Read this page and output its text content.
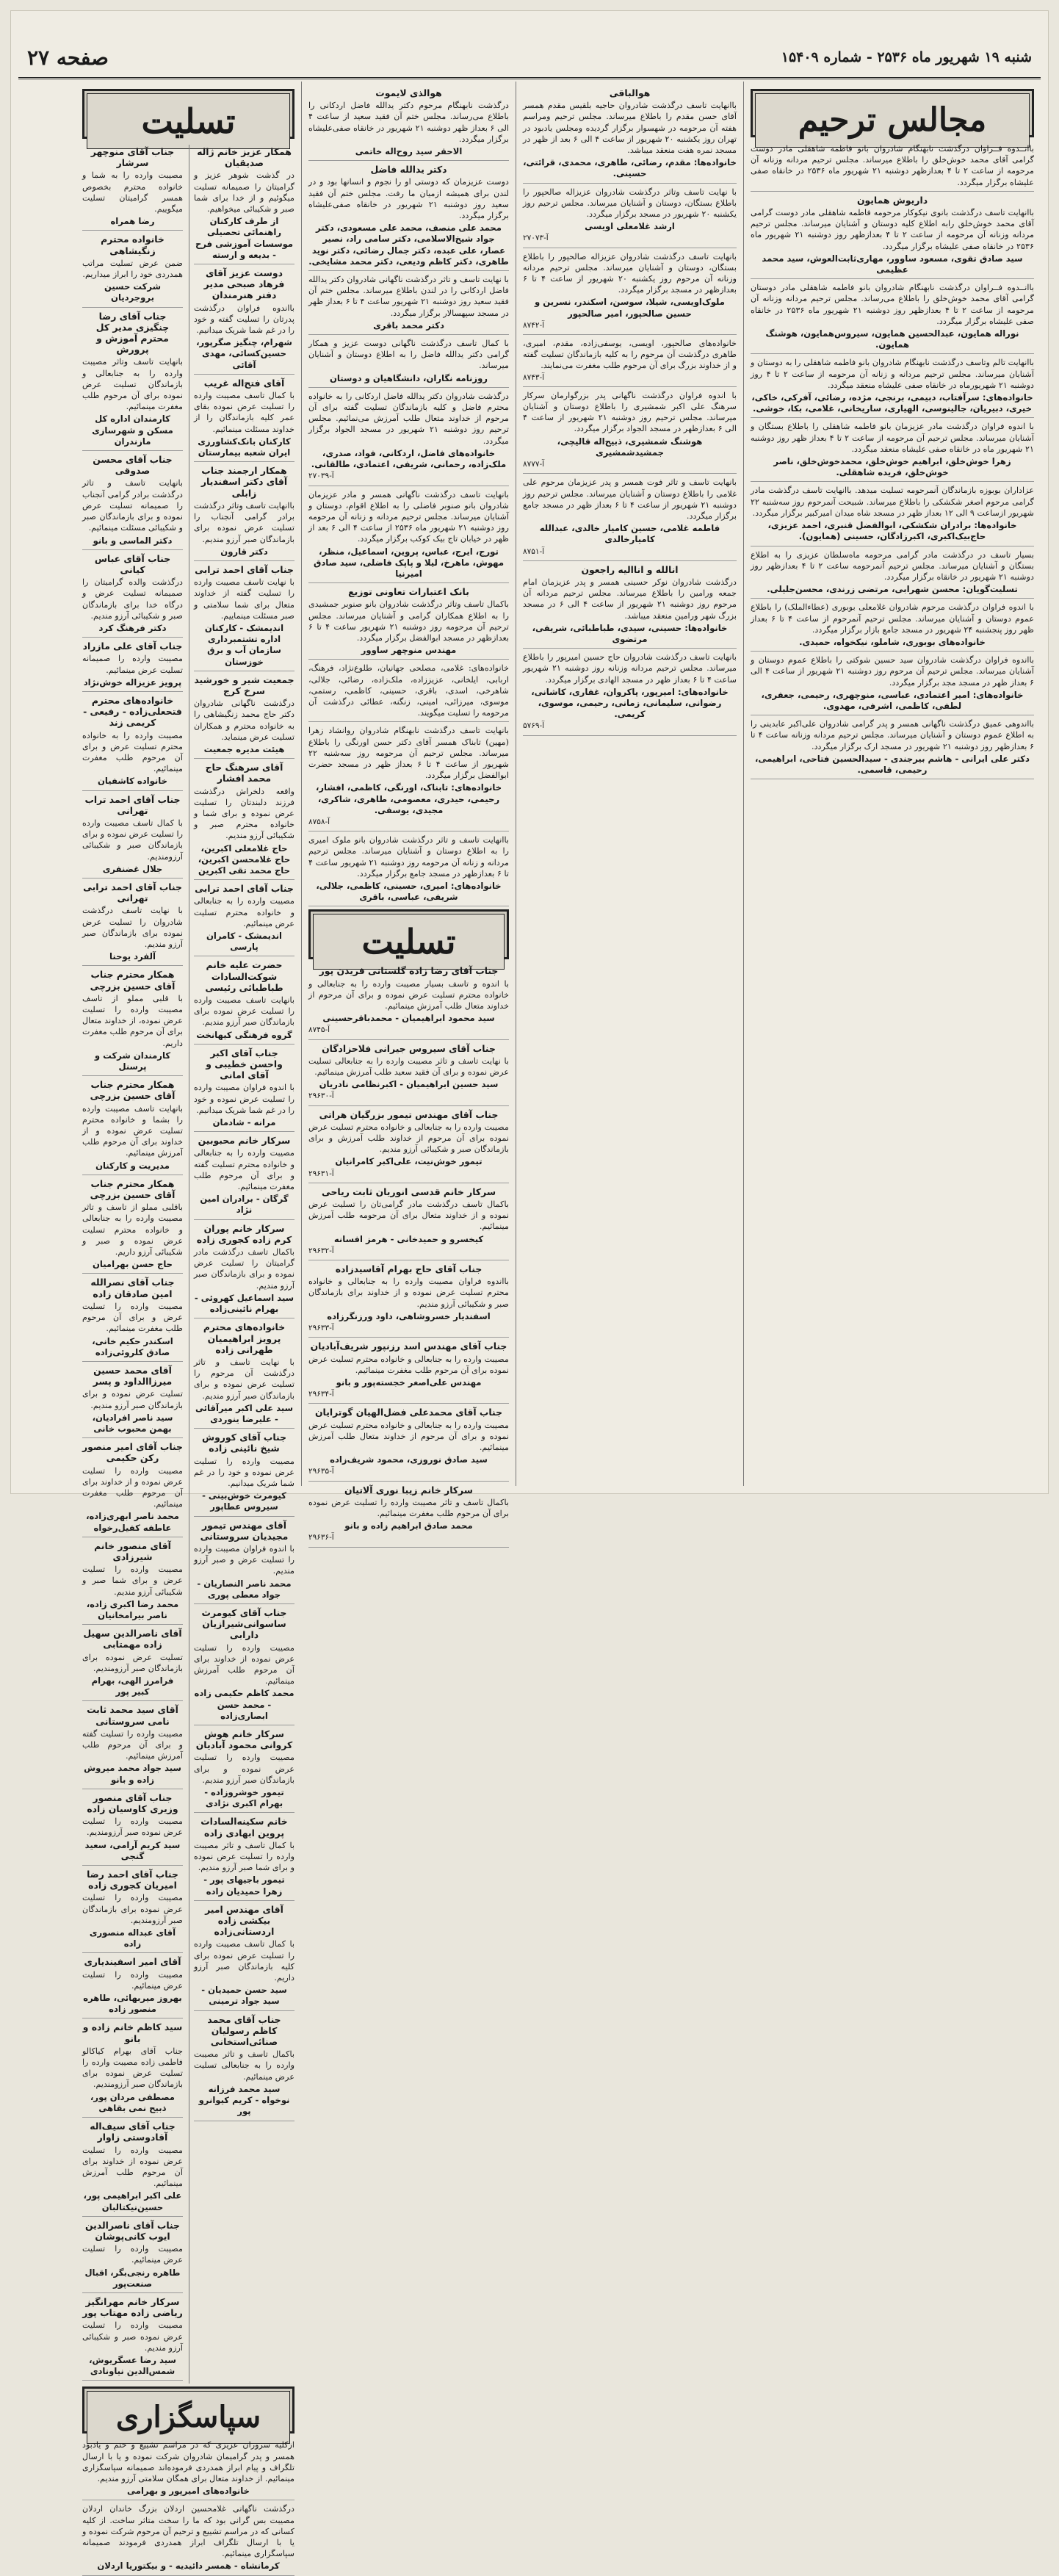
شنبه ۱۹ شهریور ماه ۲۵۳۶ - شماره ۱۵۴۰۹
صفحه ۲۷
مجالس ترحیم
باانــدوه فــراوان درگذشت نابهنگام شادروان بانو فاطمه شاهقلی مادر دوست گرامی آقای محمد خوش‌خلق را باطلاع میرساند. مجلس ترحیم مردانه وزنانه آن مرحومه از ساعت ۲ تا ۴ بعدازظهر دوشنبه ۲۱ شهریور ماه ۲۵۳۶ در خانقاه صفی علیشاه برگزار میگردد.
داریوش همایون
باانهایت تاسف درگذشت بانوی نیکوکار مرحومه فاطمه شاهقلی مادر دوست گرامی آقای محمد خوش‌خلق رابه اطلاع کلیه دوستان و آشنایان میرساند. مجلس ترحیم مردانه وزنانه آن مرحومه از ساعت ۲ تا ۴ بعدازظهر روز دوشنبه ۲۱ شهریور ماه ۲۵۳۶ در خانقاه صفی علیشاه برگزار میگردد.
سید صادق تقوی، مسعود ساوور، مهاری‌ثابت‌العوش، سید محمد عظیمی
باانــدوه فــراوان درگذشت نابهنگام شادروان بانو فاطمه شاهقلی مادر دوستان گرامی آقای محمد خوش‌خلق را باطلاع می‌رساند. مجلس ترحیم مردانه وزنانه آن مرحومه از ساعت ۲ تا ۴ بعدازظهر روز دوشنبه ۲۱ شهریور ماه ۲۵۳۶ در خانقاه صفی علیشاه برگزار میگردد.
نوراله همایون، عبدالحسین همایون، سیروس‌همایون، هوشنگ همایون.
باانهایت تالم وتاسف درگذشت نابهنگام شادروان بانو فاطمه شاهقلی را به دوستان و آشنایان میرساند. مجلس ترحیم مردانه و زنانه آن مرحومه از ساعت ۲ تا ۴ روز دوشنبه ۲۱ شهریورماه در خانقاه صفی علیشاه منعقد میگردد.
خانواده‌های: سرآفتاب، دبیمی، برنجی، مژده، رضائی، آفرکی، خاکی، خیری، دبیریان، جالینوسی، الهیاری، ساریخانی، غلامی، بکا، خوشی.
با اندوه فراوان درگذشت مادر عزیزمان بانو فاطمه شاهقلی را باطلاع بستگان و آشنایان میرساند. مجلس ترحیم آن مرحومه از ساعت ۲ تا ۴ بعداز ظهر روز دوشنبه ۲۱ شهریور ماه در خانقاه صفی علیشاه منعقد میگردد.
زهرا خوش‌خلق، ابراهیم خوش‌خلق، محمدخوش‌خلق، ناصر خوش‌خلق، فریده شاهقلی.
عزاداران بوبوزه بازماندگان آنمرحومه تسلیت میدهد. باانهایت تاسف درگذشت مادر گرامی مرحوم اصغر شکشکی را باطلاع میرساند. شبیحت آنمرحوم روز سه‌شنبه ۲۲ شهریور ازساعت ۹ الی ۱۲ بعداز ظهر در مسجد شاه میدان امیرکبیر برگزار میگردد.
خانواده‌ها: برادران شکشکی، ابوالفضل قنبری، احمد عزیزی، حاج‌بیک‌اکبری، اکبرزادگان، حسینی (همایون).
بسیار تاسف در درگذشت مادر گرامی مرحومه ماه‌سلطان عزیزی را به اطلاع بستگان و آشنایان میرساند. مجلس ترحیم آنمرحومه ساعت ۲ تا ۴ بعدازظهر روز دوشنبه ۲۱ شهریور در خانقاه برگزار میگردد.
تسلیت‌گویان: محسن شهرابی، مرتضی زرندی، محسن‌جلیلی.
با اندوه فراوان درگذشت مرحوم شادروان غلامعلی بوبوری (عطاءالملک) را باطلاع عموم دوستان و آشنایان میرساند. مجلس ترحیم آنمرحوم از ساعت ۴ تا ۶ بعداز ظهر روز پنجشنبه ۲۴ شهریور در مسجد جامع بازار برگزار میگردد.
خانواده‌های بوبوری، شاملو، نیکخواه، حمیدی.
بااندوه فراوان درگذشت شادروان سید حسین شوکتی را باطلاع عموم دوستان و آشنایان میرساند. مجلس ترحیم آن مرحوم روز دوشنبه ۲۱ شهریور از ساعت ۴ الی ۶ بعداز ظهر در مسجد مجد برگزار میگردد.
خانواده‌های: امیر اعتمادی، عباسی، منوچهری، رحیمی، جعفری، لطفی، کاظمی، اشرفی، مهدوی.
بااندوهی عمیق درگذشت ناگهانی همسر و پدر گرامی شادروان علی‌اکبر عابدینی را به اطلاع عموم دوستان و آشنایان میرساند. مجلس ترحیم مردانه وزنانه ساعت ۴ تا ۶ بعدازظهر روز دوشنبه ۲۱ شهریور در مسجد ارک برگزار میگردد.
دکتر علی ایرانی - هاشم بیرجندی - سیدالحسین فتاحی، ابراهیمی، رحیمی، قاسمی.
هوالباقی
باانهایت تاسف درگذشت شادروان حاجیه بلقیس مقدم همسر آقای حسن مقدم را باطلاع میرساند. مجلس ترحیم ومراسم هفته آن مرحومه در شهسوار برگزار گردیده ومجلس یادبود در تهران روز یکشنبه ۲۰ شهریور از ساعت ۴ الی ۶ بعد از ظهر در مسجد نمره هفت منعقد میباشد.
خانواده‌ها: مقدم، رضائی، طاهری، محمدی، قرائتی، حسینی.
با نهایت تاسف وتاثر درگذشت شادروان عزیزاله صالحپور را باطلاع بستگان، دوستان و آشنایان میرساند. مجلس ترحیم روز یکشنبه ۲۰ شهریور در مسجد برگزار میگردد.
ارشد غلامعلی اویسی
آ-۲۷۰۷۳
بانهایت تاسف درگذشت شادروان عزیزاله صالحپور را باطلاع بستگان، دوستان و آشنایان میرساند. مجلس ترحیم مردانه وزنانه آن مرحوم روز یکشنبه ۲۰ شهریور از ساعت ۴ تا ۶ بعدازظهر در مسجد برگزار میگردد.
ملوک‌اویسی، شیلا، سوسن، اسکندر، نسرین و حسین صالحپور، امیر صالحپور
آ-۸۷۴۲
خانواده‌های صالحپور، اویسی، یوسفی‌زاده، مقدم، امیری، طاهری درگذشت آن مرحوم را به کلیه بازماندگان تسلیت گفته و از خداوند بزرگ برای آن مرحوم طلب مغفرت می‌نمایند.
آ-۸۷۴۳
با اندوه فراوان درگذشت ناگهانی پدر بزرگوارمان سرکار سرهنگ علی اکبر شمشیری را باطلاع دوستان و آشنایان میرساند. مجلس ترحیم روز دوشنبه ۲۱ شهریور از ساعت ۴ الی ۶ بعدازظهر در مسجد الجواد برگزار میگردد.
هوشنگ شمشیری، ذبیح‌اله قالیچی، جمشیدشمشیری
آ-۸۷۷۷
بانهایت تاسف و تاثر فوت همسر و پدر عزیزمان مرحوم علی غلامی را باطلاع دوستان و آشنایان میرساند. مجلس ترحیم روز دوشنبه ۲۱ شهریور از ساعت ۴ تا ۶ بعداز ظهر در مسجد جامع برگزار میگردد.
فاطمه غلامی، حسین کامیار خالدی، عبدالله کامیارخالدی
آ-۸۷۵۱
انالله و اناالیه راجعون
درگذشت شادروان نوکر حسینی همسر و پدر عزیزمان امام جمعه ورامین را باطلاع میرساند. مجلس ترحیم مردانه آن مرحوم روز دوشنبه ۲۱ شهریور از ساعت ۴ الی ۶ در مسجد بزرگ شهر ورامین منعقد میباشد.
خانواده‌ها: حسینی، سیدی، طباطبائی، شریفی، مرتضوی
بانهایت تاسف درگذشت شادروان حاج حسین امیرپور را باطلاع میرساند. مجلس ترحیم مردانه وزنانه روز دوشنبه ۲۱ شهریور ساعت ۴ تا ۶ بعداز ظهر در مسجد الهادی برگزار میگردد.
خانواده‌های: امیرپور، پاکروان، غفاری، کاشانی، رضوانی، سلیمانی، زمانی، رحیمی، موسوی، کریمی.
آ-۵۷۶۹
هوالذی لایموت
درگذشت نابهنگام مرحوم دکتر یدالله فاضل اردکانی را باطلاع می‌رساند. مجلس ختم آن فقید سعید از ساعت ۴ الی ۶ بعداز ظهر دوشنبه ۲۱ شهریور در خانقاه صفی‌علیشاه برگزار میگردد.
الاحقر سید روح‌اله خاتمی
دکتر یدالله فاضل
دوست عزیزمان که دوستی او را نجوم و انسانها بود و در لندن برای همیشه ازمیان ما رفت. مجلس ختم آن فقید سعید روز دوشنبه ۲۱ شهریور در خانقاه صفی‌علیشاه برگزار میگردد.
محمد علی منصف، محمد علی مسعودی، دکتر جواد شیخ‌الاسلامی، دکتر سامی راد، نصیر عصار، علی عبده، دکتر جمال رضائی، دکتر نوید طاهری، دکتر کاظم ودیعی، دکتر محمد مشایخی.
با نهایت تاسف و تاثر درگذشت ناگهانی شادروان دکتر یدالله فاضل اردکانی را در لندن باطلاع میرساند. مجلس ختم آن فقید سعید روز دوشنبه ۲۱ شهریور ساعت ۴ تا ۶ بعداز ظهر در مسجد سپهسالار برگزار میگردد.
دکتر محمد باقری
با کمال تاسف درگذشت ناگهانی دوست عزیز و همکار گرامی دکتر یدالله فاضل را به اطلاع دوستان و آشنایان میرساند.
روزنامه نگاران، دانشگاهیان و دوستان
درگذشت شادروان دکتر یدالله فاضل اردکانی را به خانواده محترم فاضل و کلیه بازماندگان تسلیت گفته برای آن مرحوم از خداوند متعال طلب آمرزش می‌نمائیم. مجلس ترحیم روز دوشنبه ۲۱ شهریور در مسجد الجواد برگزار میگردد.
خانواده‌های فاضل، اردکانی، فواد، صدری، ملک‌زاده، رحمانی، شریفی، اعتمادی، طالقانی.
آ-۲۷۰۳۹
بانهایت تاسف درگذشت ناگهانی همسر و مادر عزیزمان شادروان بانو صنوبر فاضلی را به اطلاع اقوام، دوستان و آشنایان میرساند. مجلس ترحیم مردانه و زنانه آن مرحومه روز دوشنبه ۲۱ شهریور ماه ۲۵۳۶ از ساعت ۴ الی ۶ بعد از ظهر در خیابان تاج بیک کوکب برگزار میگردد.
تورج، ایرج، عباس، پروین، اسماعیل، منظر، مهوش، ماهرخ، لیلا و پاپک فاضلی، سید صادق امیرنیا
بانک اعتبارات تعاونی توزیع
باکمال تاسف وتاثر درگذشت شادروان بانو صنوبر جمشیدی را به اطلاع همکاران گرامی و آشنایان میرساند. مجلس ترحیم آن مرحومه روز دوشنبه ۲۱ شهریور ساعت ۴ تا ۶ بعدازظهر در مسجد ابوالفضل برگزار میگردد.
مهندس منوچهر ساوور
خانواده‌های: غلامی، مصلحی جهانیان، طلوع‌نژاد، فرهنگ، اربابی، ایلخانی، عزیززاده، ملک‌زاده، رضائی، جلالی، شاهرخی، اسدی، باقری، حسینی، کاظمی، رستمی، موسوی، میرزائی، امینی، زنگنه، عطائی درگذشت آن مرحومه را تسلیت میگویند.
بانهایت تاسف درگذشت نابهنگام شادروان روانشاد زهرا (مهین) تابناک همسر آقای دکتر حسن اورنگی را باطلاع میرساند. مجلس ترحیم آن مرحومه روز سه‌شنبه ۲۲ شهریور از ساعت ۴ تا ۶ بعداز ظهر در مسجد حضرت ابوالفضل برگزار میگردد.
خانواده‌های: تابناک، اورنگی، کاظمی، افشار، رحیمی، حیدری، معصومی، طاهری، شاکری، مجیدی، یوسفی.
آ-۸۷۵۸
باانهایت تاسف و تاثر درگذشت شادروان بانو ملوک امیری را به اطلاع دوستان و آشنایان میرساند. مجلس ترحیم مردانه و زنانه آن مرحومه روز دوشنبه ۲۱ شهریور ساعت ۴ تا ۶ بعدازظهر در مسجد جامع برگزار میگردد.
خانواده‌های: امیری، حسینی، کاظمی، جلالی، شریفی، عباسی، باقری
تسلیت
جناب آقای رضا زاده گلستانی فریدن پور
با اندوه و تاسف بسیار مصیبت وارده را به جنابعالی و خانواده محترم تسلیت عرض نموده و برای آن مرحوم از خداوند متعال طلب آمرزش مینمائیم.
سید محمود ابراهیمیان - محمدباقرحسینی
آ-۸۷۴۵
جناب آقای سیروس جیرانی فلاحزادگان
با نهایت تاسف و تاثر مصیبت وارده را به جنابعالی تسلیت عرض نموده و برای آن فقید سعید طلب آمرزش مینمائیم.
سید حسین ابراهیمیان - اکبرنظامی نادریان
آ-۲۹۶۳۰
جناب آقای مهندس تیمور بزرگیان هراتی
مصیبت وارده را به جنابعالی و خانواده محترم تسلیت عرض نموده برای آن مرحوم از خداوند طلب آمرزش و برای بازماندگان صبر و شکیبائی آرزو مندیم.
تیمور خوش‌نیت، علی‌اکبر کامرانیان
آ-۲۹۶۳۱
سرکار خانم قدسی انوریان ثابت ریاحی
باکمال تاسف درگذشت مادر گرامی‌تان را تسلیت عرض نموده و از خداوند متعال برای آن مرحومه طلب آمرزش مینمائیم.
کیخسرو و حمیدخانی - هرمز افسانه
آ-۲۹۶۳۲
جناب آقای حاج بهرام آقاسیدزاده
بااندوه فراوان مصیبت وارده را به جنابعالی و خانواده محترم تسلیت عرض نموده و از خداوند برای بازماندگان صبر و شکیبائی آرزو مندیم.
اسفندیار خسروشاهی، داود ورزنگرزاده
آ-۲۹۶۳۳
جناب آقای مهندس اسد رزنپور شریف‌آبادیان
مصیبت وارده را به جنابعالی و خانواده محترم تسلیت عرض نموده برای آن مرحوم طلب مغفرت مینمائیم.
مهندس علی‌اصغر خجسته‌پور و بانو
آ-۲۹۶۳۴
جناب آقای محمدعلی فضل‌الهیان گوترایان
مصیبت وارده را به جنابعالی و خانواده محترم تسلیت عرض نموده و برای آن مرحوم از خداوند متعال طلب آمرزش مینمائیم.
سید صادق نوروزی، محمود شریف‌زاده
آ-۲۹۶۳۵
سرکار خانم زیبا نوری آلاتیان
باکمال تاسف و تاثر مصیبت وارده را تسلیت عرض نموده برای آن مرحوم طلب مغفرت مینمائیم.
محمد صادق ابراهیم زاده و بانو
آ-۲۹۶۳۶
تسلیت
همکار عزیز خانم ژاله صدیقیان
در گذشت شوهر عزیز و گرامیتان را صمیمانه تسلیت میگوئیم و از خدا برای شما صبر و شکیبائی میخواهیم.
از طرف کارکنان راهنمائی تحصیلی موسسات آموزشی فرح - بدیعه و ارسته
دوست عزیز آقای فرهاد صبحی مدیر دفتر هنرمندان
بااندوه فراوان درگذشت پدرتان را تسلیت گفته و خود را در غم شما شریک میدانیم.
شهرام، چنگیز صگرپور، حسین‌کسائی، مهدی آقائی
آقای فتح‌اله غریب
با کمال تاسف مصیبت وارده را تسلیت عرض نموده بقای عمر کلیه بازماندگان را از خداوند مسئلت مینمائیم.
کارکنان بانک‌کشاورزی ایران شعبه بیمارستان
همکار ارجمند جناب آقای دکتر اسفندیار زابلی
باانهایت تاسف وتاثر درگذشت برادر گرامی آنجناب را تسلیت عرض نموده برای بازماندگان صبر آرزو مندیم.
دکتر قارون
جناب آقای احمد ترابی
با نهایت تاسف مصیبت وارده را تسلیت گفته از خداوند متعال برای شما سلامتی و صبر مسئلت مینماییم.
اندیمشک - کارکنان اداره تشتمبرداری سازمان آب و برق خوزستان
جمعیت شیر و خورشید سرخ کرج
درگذشت ناگهانی شادروان دکتر حاج محمد زنگیشاهی را به خانواده محترم و همکاران تسلیت عرض مینماید.
هیئت مدیره جمعیت
آقای سرهنگ حاج محمد افشار
واقعه دلخراش درگذشت فرزند دلبندتان را تسلیت عرض نموده و برای شما و خانواده محترم صبر و شکیبائی آرزو مندیم.
حاج غلامعلی اکبرین، حاج غلامحسن اکبرین، حاج محمد تقی اکبرین
جناب آقای احمد ترابی
مصیبت وارده را به جنابعالی و خانواده محترم تسلیت عرض مینمائیم.
اندیمشک - کامران پارسی
حضرت علیه خانم شوکت‌السادات طباطبائی رئیسی
بانهایت تاسف مصیبت وارده را تسلیت عرض نموده برای بازماندگان صبر آرزو مندیم.
گروه فرهنگی کیهانخت
جناب آقای اکبر واحسن خطیبی و آقای امانی
با اندوه فراوان مصیبت وارده را تسلیت عرض نموده و خود را در غم شما شریک میدانیم.
مرانه - شادمان
سرکار خانم محبوبین
مصیبت وارده را به جنابعالی و خانواده محترم تسلیت گفته و برای آن مرحوم طلب مغفرت مینمائیم.
گرگان - برادران امین نژاد
سرکار خانم پوران کرم زاده کجوری زاده
باکمال تاسف درگذشت مادر گرامیتان را تسلیت عرض نموده و برای بازماندگان صبر آرزو مندیم.
سید اسماعیل کهروئی - بهرام نائینی‌زاده
خانواده‌های محترم پرویز ابراهیمیان طهرانی زاده
با نهایت تاسف و تاثر درگذشت آن مرحوم را تسلیت عرض نموده و برای بازماندگان صبر آرزو مندیم.
سید علی اکبر میرآقائی - علیرضا ینوردی
جناب آقای کوروش شیخ نائینی زاده
مصیبت وارده را تسلیت عرض نموده و خود را در غم شما شریک میدانیم.
کیومرث خوش‌بینی - سیروس عطاپور
آقای مهندس تیمور مجیدیان سروستانی
با اندوه فراوان مصیبت وارده را تسلیت عرض و صبر آرزو مندیم.
محمد ناصر النصاریان - جواد معطی پوری
جناب آقای کیومرث ساسوانی‌شیرازیان دارابی
مصیبت وارده را تسلیت عرض نموده از خداوند برای آن مرحوم طلب آمرزش مینمائیم.
محمد کاظم حکیمی زاده - محمد حسن ابصاری‌زاده
سرکار خانم هوش کروانی محمود آبادیان
مصیبت وارده را تسلیت عرض نموده و برای بازماندگان صبر آرزو مندیم.
تیمور خوشروزاده - بهرام اکبری نژادی
خانم سکینه‌السادات پروین ابهادی زاده
با کمال تاسف و تاثر مصیبت وارده را تسلیت عرض نموده و برای شما صبر آرزو مندیم.
تیمور باجیهای پور - زهرا حمیدیان زاده
آقای مهندس امیر بیکشی زاده اردستانی‌زاده
با کمال تاسف مصیبت وارده را تسلیت عرض نموده برای کلیه بازماندگان صبر آرزو داریم.
سید حسن حمیدیان - سید جواد ترمینی
جناب آقای محمد کاظم رسولیان صنائی‌استخانی
باکمال تاسف و تاثر مصیبت وارده را به جنابعالی تسلیت عرض مینمائیم.
سید محمد فرزانه نوخواه - کریم کیوانرو پور
جناب آقای منوچهر سرشار
مصیبت وارده را به شما و خانواده محترم بخصوص همسر گرامیتان تسلیت میگوییم.
رضا همراه
خانواده محترم زنگیشاهی
ضمن عرض تسلیت مراتب همدردی خود را ابراز میداریم.
شرکت حسین بروجردیان
جناب آقای رضا چنگیزی مدیر کل محترم آموزش و پرورش
بانهایت تاسف وتاثر مصیبت وارده را به جنابعالی و بازماندگان تسلیت عرض نموده برای آن مرحوم طلب مغفرت مینمائیم.
کارمندان اداره کل مسکن و شهرسازی مازندران
جناب آقای محسن صدوقی
بانهایت تاسف و تاثر درگذشت برادر گرامی آنجناب را صمیمانه تسلیت عرض نموده و برای بازماندگان صبر و شکیبائی مسئلت مینمائیم.
دکتر الماسی و بانو
جناب آقای عباس کیانی
درگذشت والده گرامیتان را صمیمانه تسلیت عرض و درگاه خدا برای بازماندگان صبر و شکیبائی آرزو مندیم.
دکتر فرهنگ کرد
جناب آقای علی مازراد
مصیبت وارده را صمیمانه تسلیت عرض مینمائیم.
پرویز عزیزاله خوش‌نژاد
خانواده‌های محترم فتحعلی‌زاده - رفیعی - کریمی زند
مصیبت وارده را به خانواده محترم تسلیت عرض و برای آن مرحوم طلب مغفرت مینمائیم.
خانواده کاشفیان
جناب آقای احمد تراب تهرانی
با کمال تاسف مصیبت وارده را تسلیت عرض نموده و برای بازماندگان صبر و شکیبائی آرزومندیم.
جلال غضنفری
جناب آقای احمد ترابی تهرانی
با نهایت تاسف درگذشت شادروان را تسلیت عرض نموده برای بازماندگان صبر آرزو مندیم.
آلفرد یوحنا
همکار محترم جناب آقای حسین بزرچی
با قلبی مملو از تاسف مصیبت وارده را تسلیت عرض نموده، از خداوند متعال برای آن مرحوم طلب مغفرت داریم.
کارمندان شرکت و پرسنل
همکار محترم جناب آقای حسین بزرچی
بانهایت تاسف مصیبت وارده را بشما و خانواده محترم تسلیت عرض نموده و از خداوند برای آن مرحوم طلب آمرزش مینمائیم.
مدیریت و کارکنان
همکار محترم جناب آقای حسین بزرچی
باقلبی مملو از تاسف و تاثر مصیبت وارده را به جنابعالی و خانواده محترم تسلیت عرض نموده و صبر و شکیبائی آرزو داریم.
حاج حسن بهرامیان
جناب آقای نصرالله امین صادقان زاده
مصیبت وارده را تسلیت عرض و برای آن مرحوم طلب مغفرت مینمائیم.
اسکندر حکیم خانی، صادق کلروئی‌زاده
آقای محمد حسین میرزاالداود و پسر
تسلیت عرض نموده و برای بازماندگان صبر آرزو مندیم.
سید ناصر افرادیان، بهمن محبوب خانی
جناب آقای امیر منصور رکن حکیمی
مصیبت وارده را تسلیت عرض نموده و از خداوند برای آن مرحوم طلب مغفرت مینمائیم.
محمد ناصر ابهری‌زاده، عاطفه کفیل‌رخواه
آقای منصور خانم شیرزادی
مصیبت وارده را تسلیت عرض و برای شما صبر و شکیبائی آرزو مندیم.
محمد رضا اکبری زاده، ناصر بیرامخانیان
آقای ناصرالدین سهیل زاده مهمتابی
تسلیت عرض نموده برای بازماندگان صبر آرزومندیم.
فرامرز الهی، بهرام کبیر پور
آقای سید محمد ثابت نامی سروستانی
مصیبت وارده را تسلیت گفته و برای آن مرحوم طلب آمرزش مینمائیم.
سید جواد محمد میروش زاده و بانو
جناب آقای منصور وزیری کاوسیان زاده
مصیبت وارده را تسلیت عرض نموده صبر آرزومندیم.
سید کریم آرامی، سعید گنجی
جناب آقای احمد رضا امیریان کجوری زاده
مصیبت وارده را تسلیت عرض نموده برای بازماندگان صبر آرزومندیم.
آقای عبداله منصوری زاده
آقای امیر اسفیندیاری
مصیبت وارده را تسلیت عرض مینمائیم.
بهروز میربهائی، طاهره منصور زاده
سید کاظم خانم زاده و بانو
جناب آقای بهرام کیا‌کالو فاطمی زاده مصیبت وارده را تسلیت عرض نموده برای بازماندگان صبر آرزومندیم.
مصطفی مردان پور، ذبیح نمی بقاهی
جناب آقای سیف‌اله آقادوستی زاوار
مصیبت وارده را تسلیت عرض نموده از خداوند برای آن مرحوم طلب آمرزش مینمائیم.
علی اکبر ابراهیمی پور، حسین‌نیکتالبان
جناب آقای ناصرالدین ایوب کانی‌پوشان
مصیبت وارده را تسلیت عرض مینمائیم.
طاهره رنجی‌بگر، اقبال صنعت‌پور
سرکار خانم مهرانگیز ریاضی زاده مهتاب پور
مصیبت وارده را تسلیت عرض نموده صبر و شکیبائی آرزو مندیم.
سید رضا عسگریوش، شمس‌الدین نیاونادی
سپاسگزاری
ازکلیه سروران عزیزی که در مراسم تشییع و ختم و یادبود همسر و پدر گرامیمان شادروان شرکت نموده و یا با ارسال تلگراف و پیام ابراز همدردی فرموده‌اند صمیمانه سپاسگزاری مینمائیم. از خداوند متعال برای همگان سلامتی آرزو مندیم.
خانواده‌های امیرپور و بهرامی
درگذشت ناگهانی غلامحسین اردلان بزرگ خاندان اردلان مصیبت بس گرانی بود که ما را سخت متاثر ساخت. از کلیه کسانی که در مراسم تشییع و ترحیم آن مرحوم شرکت نموده و یا با ارسال تلگراف ابراز همدردی فرمودند صمیمانه سپاسگزاری مینمائیم.
کرمانشاه - همسر دائیدیه - و بیکتوریا اردلان
